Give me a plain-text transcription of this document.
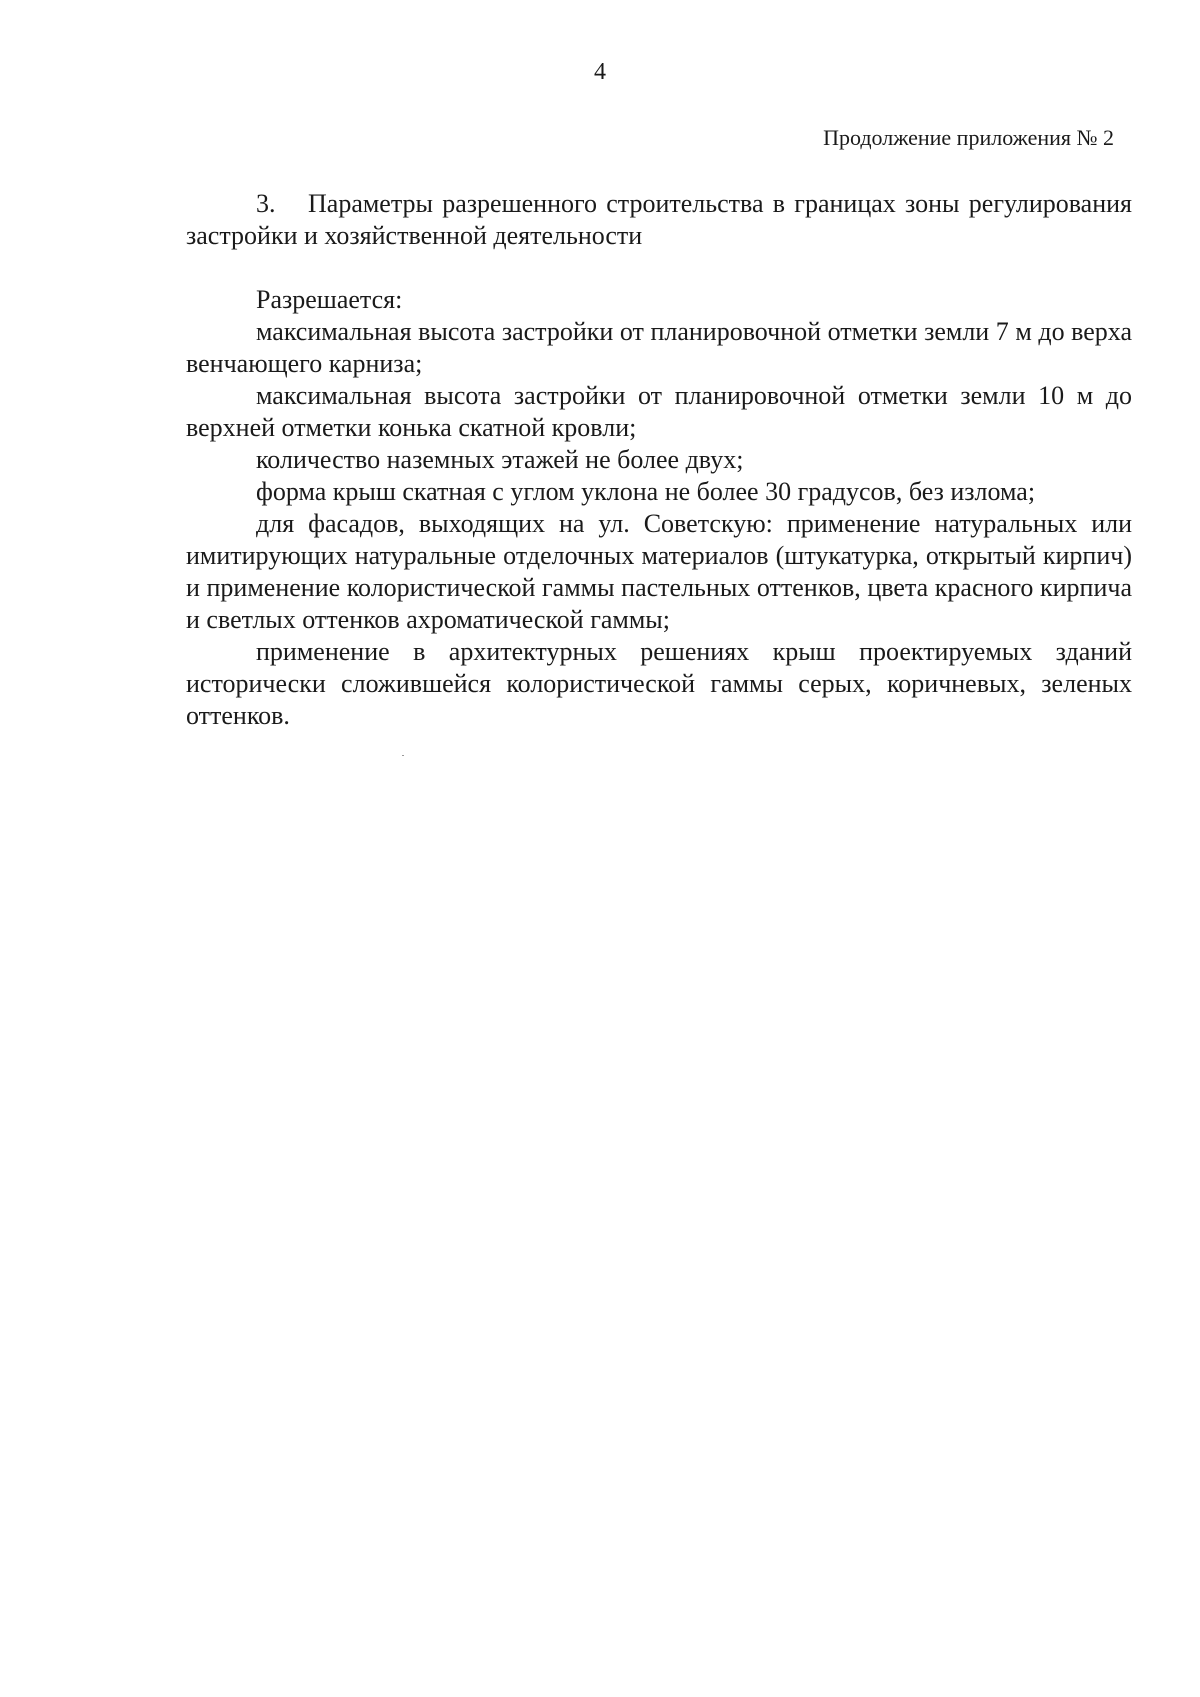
4
Продолжение приложения № 2

3. Параметры разрешенного строительства в границах зоны регулирования застройки и хозяйственной деятельности

Разрешается:

максимальная высота застройки от планировочной отметки земли 7 м до верха венчающего карниза;

максимальная высота застройки от планировочной отметки земли 10 м до верхней отметки конька скатной кровли;

количество наземных этажей не более двух;

форма крыш скатная с углом уклона не более 30 градусов, без излома;

для фасадов, выходящих на ул. Советскую: применение натуральных или имитирующих натуральные отделочных материалов (штукатурка, открытый кирпич) и применение колористической гаммы пастельных оттенков, цвета красного кирпича и светлых оттенков ахроматической гаммы;

применение в архитектурных решениях крыш проектируемых зданий исторически сложившейся колористической гаммы серых, коричневых, зеленых оттенков.
